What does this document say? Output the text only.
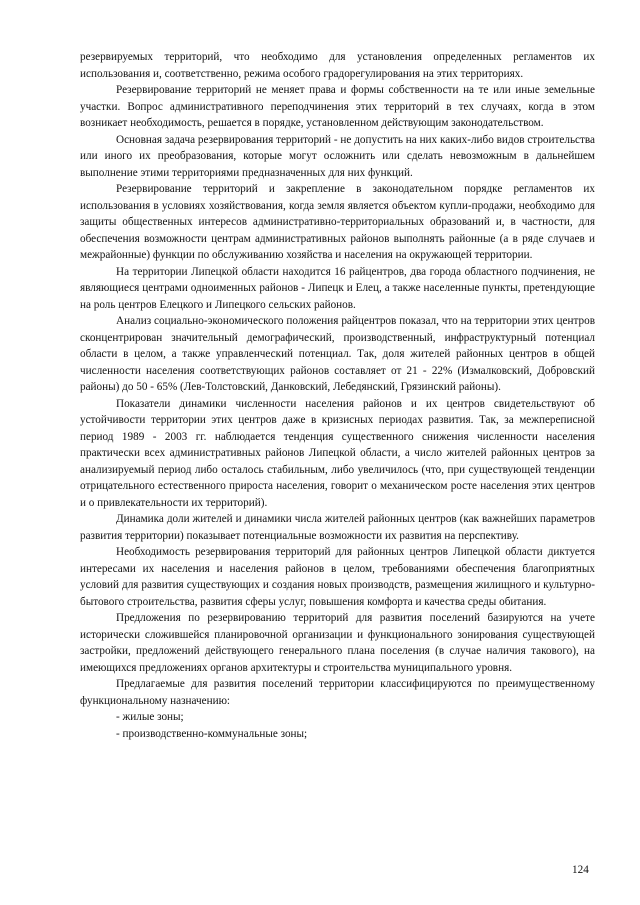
резервируемых территорий, что необходимо для установления определенных регламентов их использования и, соответственно, режима особого градорегулирования на этих территориях.

Резервирование территорий не меняет права и формы собственности на те или иные земельные участки. Вопрос административного переподчинения этих территорий в тех случаях, когда в этом возникает необходимость, решается в порядке, установленном действующим законодательством.

Основная задача резервирования территорий - не допустить на них каких-либо видов строительства или иного их преобразования, которые могут осложнить или сделать невозможным в дальнейшем выполнение этими территориями предназначенных для них функций.

Резервирование территорий и закрепление в законодательном порядке регламентов их использования в условиях хозяйствования, когда земля является объектом купли-продажи, необходимо для защиты общественных интересов административно-территориальных образований и, в частности, для обеспечения возможности центрам административных районов выполнять районные (а в ряде случаев и межрайонные) функции по обслуживанию хозяйства и населения на окружающей территории.

На территории Липецкой области находится 16 райцентров, два города областного подчинения, не являющиеся центрами одноименных районов - Липецк и Елец, а также населенные пункты, претендующие на роль центров Елецкого и Липецкого сельских районов.

Анализ социально-экономического положения райцентров показал, что на территории этих центров сконцентрирован значительный демографический, производственный, инфраструктурный потенциал области в целом, а также управленческий потенциал. Так, доля жителей районных центров в общей численности населения соответствующих районов составляет от 21 - 22% (Измалковский, Добровский районы) до 50 - 65% (Лев-Толстовский, Данковский, Лебедянский, Грязинский районы).

Показатели динамики численности населения районов и их центров свидетельствуют об устойчивости территории этих центров даже в кризисных периодах развития. Так, за межпереписной период 1989 - 2003 гг. наблюдается тенденция существенного снижения численности населения практически всех административных районов Липецкой области, а число жителей районных центров за анализируемый период либо осталось стабильным, либо увеличилось (что, при существующей тенденции отрицательного естественного прироста населения, говорит о механическом росте населения этих центров и о привлекательности их территорий).

Динамика доли жителей и динамики числа жителей районных центров (как важнейших параметров развития территории) показывает потенциальные возможности их развития на перспективу.

Необходимость резервирования территорий для районных центров Липецкой области диктуется интересами их населения и населения районов в целом, требованиями обеспечения благоприятных условий для развития существующих и создания новых производств, размещения жилищного и культурно-бытового строительства, развития сферы услуг, повышения комфорта и качества среды обитания.

Предложения по резервированию территорий для развития поселений базируются на учете исторически сложившейся планировочной организации и функционального зонирования существующей застройки, предложений действующего генерального плана поселения (в случае наличия такового), на имеющихся предложениях органов архитектуры и строительства муниципального уровня.

Предлагаемые для развития поселений территории классифицируются по преимущественному функциональному назначению:

- жилые зоны;

- производственно-коммунальные зоны;

124
